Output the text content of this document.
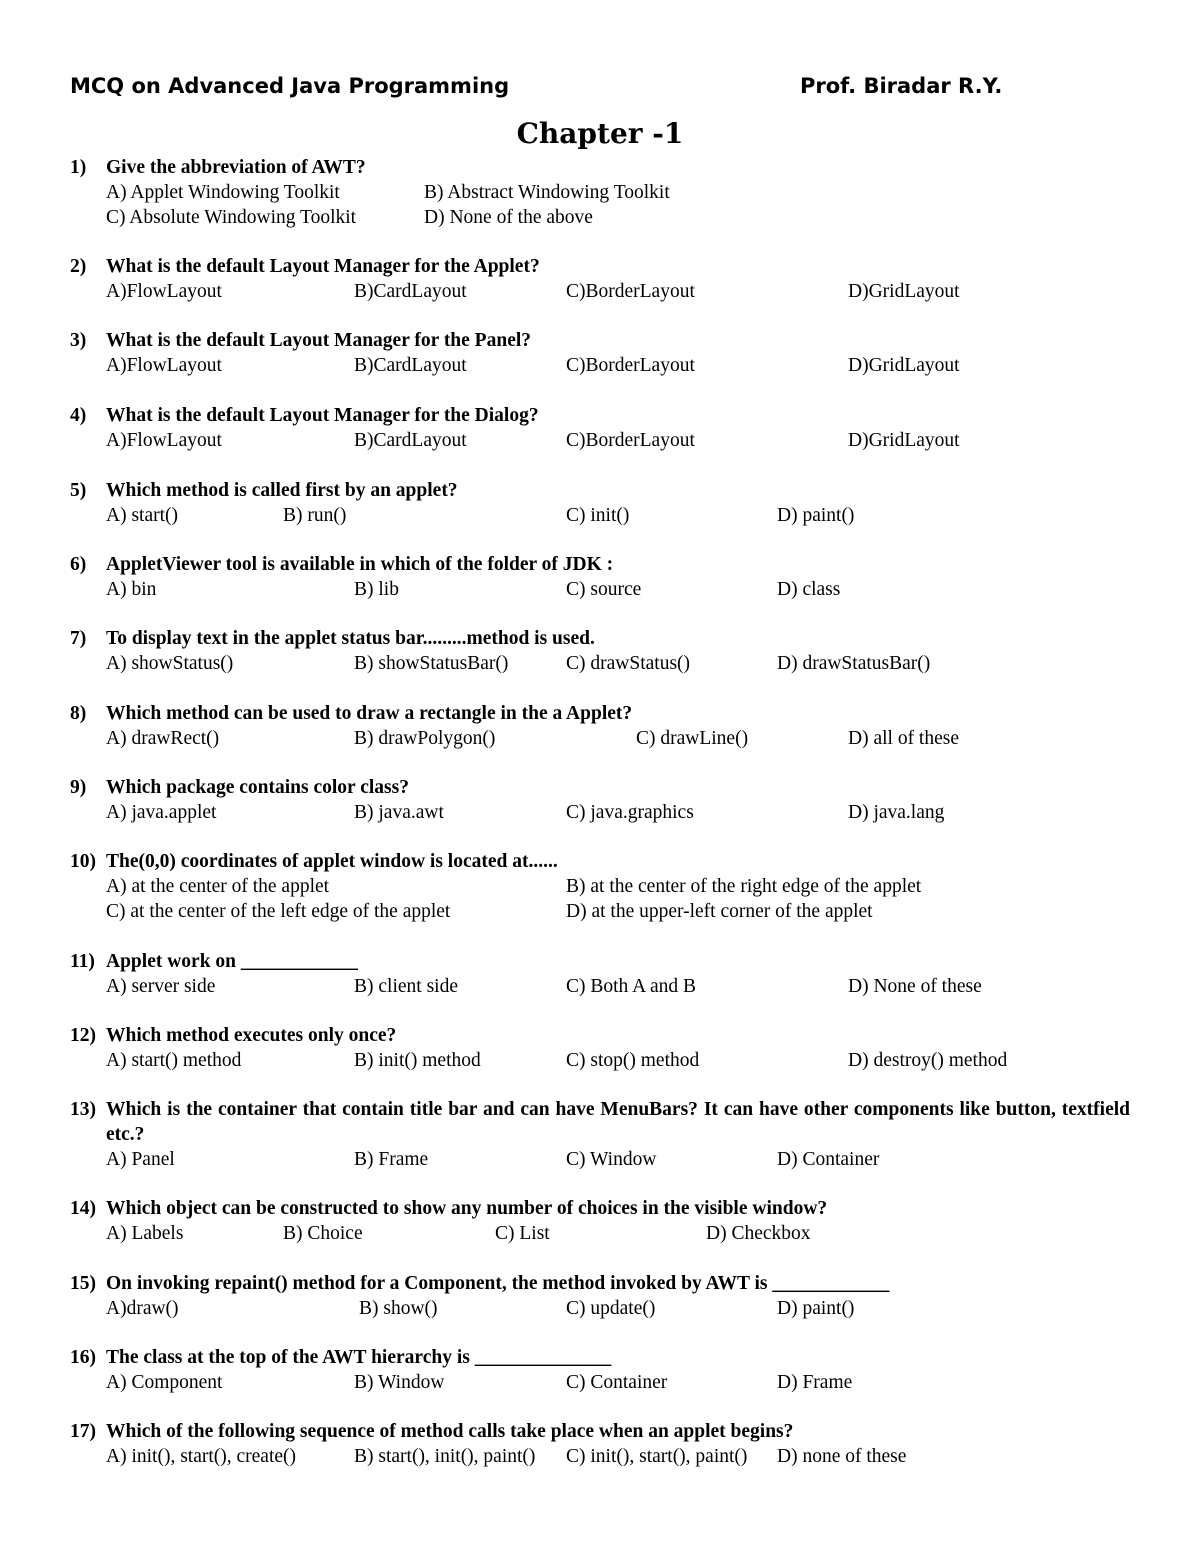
MCQ on Advanced Java Programming	Prof. Biradar R.Y.
Chapter -1
1)	Give the abbreviation of AWT?
A) Applet Windowing Toolkit	B) Abstract Windowing Toolkit
C) Absolute Windowing Toolkit	D) None of the above
2)	What is the default Layout Manager for the Applet?
A)FlowLayout	B)CardLayout	C)BorderLayout	D)GridLayout
3)	What is the default Layout Manager for the Panel?
A)FlowLayout	B)CardLayout	C)BorderLayout	D)GridLayout
4)	What is the default Layout Manager for the Dialog?
A)FlowLayout	B)CardLayout	C)BorderLayout	D)GridLayout
5)	Which method is called first by an applet?
A) start()	B) run()	C) init()	D) paint()
6)	AppletViewer tool is available in which of the folder of JDK :
A) bin	B) lib	C) source	D) class
7)	To display text in the applet status bar.........method is used.
A) showStatus()	B) showStatusBar()	C) drawStatus()	D) drawStatusBar()
8)	Which method can be used to draw a rectangle in the a Applet?
A) drawRect()	B) drawPolygon()	C) drawLine()	D) all of these
9)	Which package contains color class?
A) java.applet	B) java.awt	C) java.graphics	D) java.lang
10) The(0,0) coordinates of applet window is located at......
A) at the center of the applet	B) at the center of the right edge of the applet
C) at the center of the left edge of the applet	D) at the upper-left corner of the applet
11) Applet work on ____________
A) server side	B) client side	C) Both A and B	D) None of these
12) Which method executes only once?
A) start() method	B) init() method	C) stop() method	D) destroy() method
13) Which is the container that contain title bar and can have MenuBars? It can have other components like button, textfield etc.?
A) Panel	B) Frame	C) Window	D) Container
14) Which object can be constructed to show any number of choices in the visible window?
A) Labels	B) Choice	C) List	D) Checkbox
15) On invoking repaint() method for a Component, the method invoked by AWT is ____________
A)draw()	B) show()	C) update()	D) paint()
16) The class at the top of the AWT hierarchy is ______________
A) Component	B) Window	C) Container	D) Frame
17) Which of the following sequence of method calls take place when an applet begins?
A) init(), start(), create()	B) start(), init(), paint() C) init(), start(), paint() D) none of these
